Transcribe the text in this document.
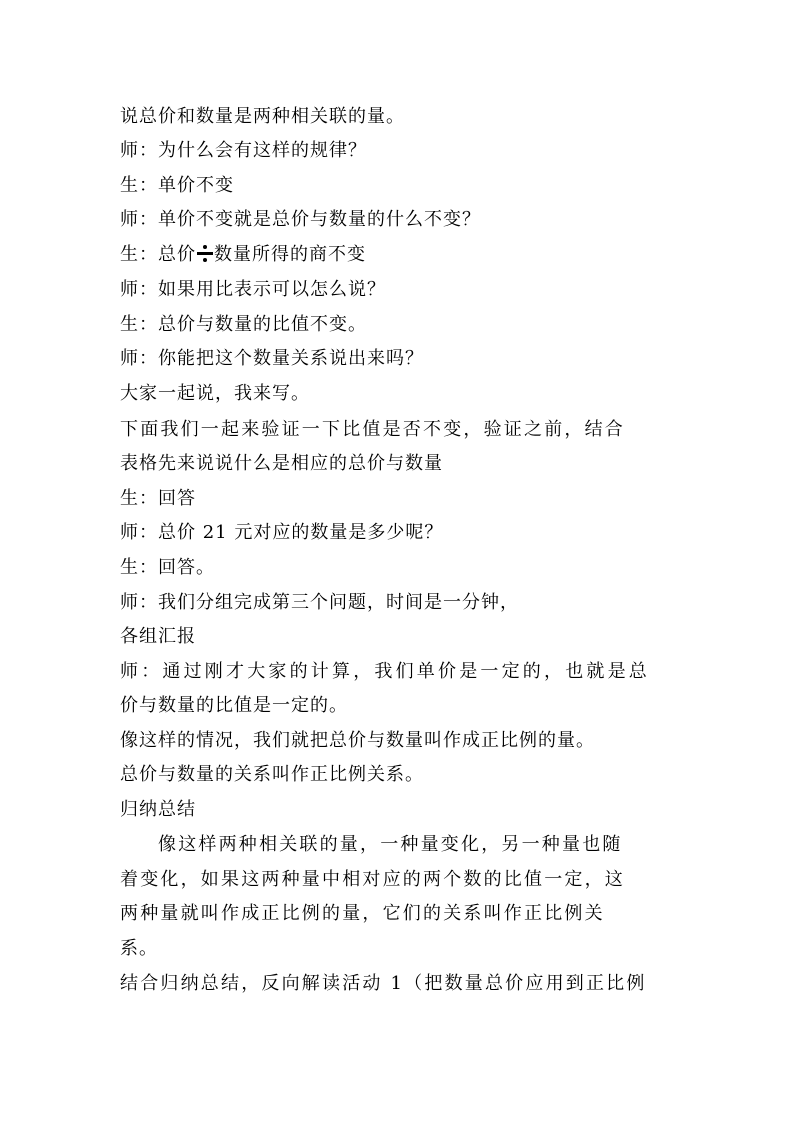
说总价和数量是两种相关联的量。
师：为什么会有这样的规律？
生：单价不变
师：单价不变就是总价与数量的什么不变？
生：总价 数量所得的商不变
师：如果用比表示可以怎么说？
生：总价与数量的比值不变。
师：你能把这个数量关系说出来吗？
大家一起说，我来写。
下面我们一起来验证一下比值是否不变，验证之前，结合
表格先来说说什么是相应的总价与数量
生：回答
师：总价 21 元对应的数量是多少呢？
生：回答。
师：我们分组完成第三个问题，时间是一分钟，
各组汇报
师：通过刚才大家的计算，我们单价是一定的，也就是总
价与数量的比值是一定的。
像这样的情况，我们就把总价与数量叫作成正比例的量。
总价与数量的关系叫作正比例关系。
归纳总结
像这样两种相关联的量，一种量变化，另一种量也随
着变化，如果这两种量中相对应的两个数的比值一定，这
两种量就叫作成正比例的量，它们的关系叫作正比例关
系。
结合归纳总结，反向解读活动 1（把数量总价应用到正比例
